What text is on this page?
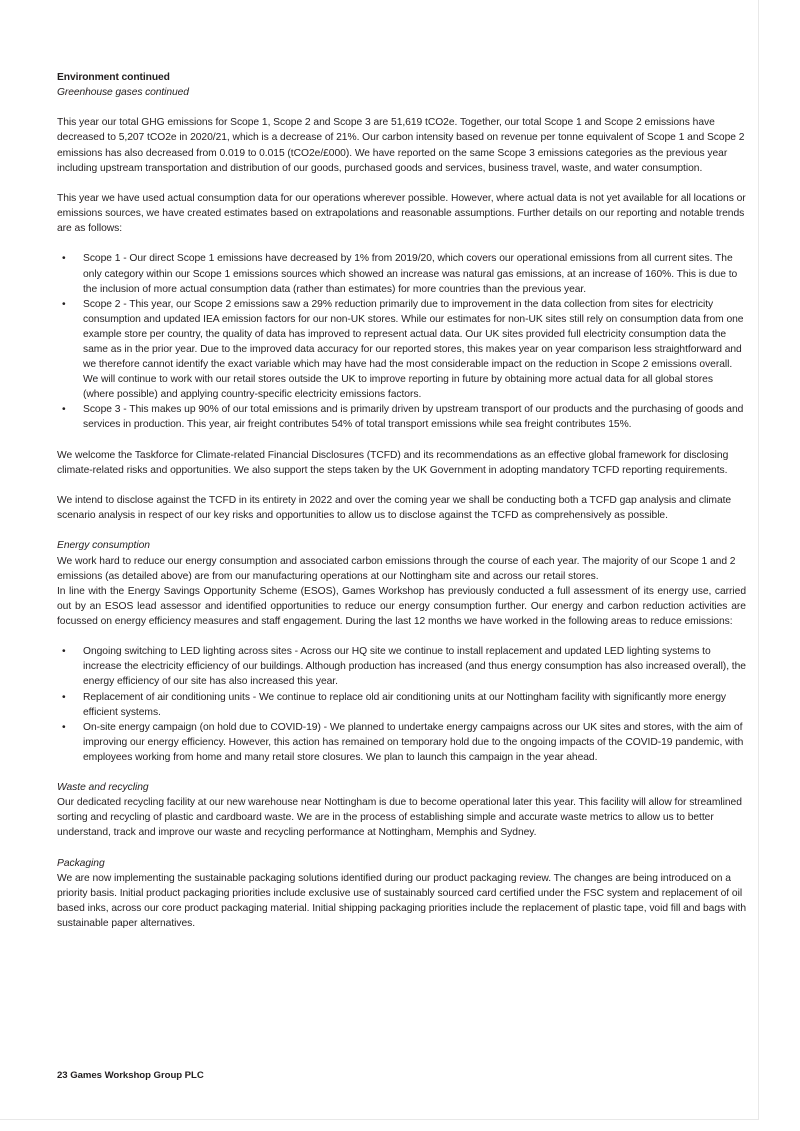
Environment continued
Greenhouse gases continued

This year our total GHG emissions for Scope 1, Scope 2 and Scope 3 are 51,619 tCO2e. Together, our total Scope 1 and Scope 2 emissions have decreased to 5,207 tCO2e in 2020/21, which is a decrease of 21%. Our carbon intensity based on revenue per tonne equivalent of Scope 1 and Scope 2 emissions has also decreased from 0.019 to 0.015 (tCO2e/£000). We have reported on the same Scope 3 emissions categories as the previous year including upstream transportation and distribution of our goods, purchased goods and services, business travel, waste, and water consumption.

This year we have used actual consumption data for our operations wherever possible. However, where actual data is not yet available for all locations or emissions sources, we have created estimates based on extrapolations and reasonable assumptions. Further details on our reporting and notable trends are as follows:

• Scope 1 - Our direct Scope 1 emissions have decreased by 1% from 2019/20, which covers our operational emissions from all current sites. The only category within our Scope 1 emissions sources which showed an increase was natural gas emissions, at an increase of 160%. This is due to the inclusion of more actual consumption data (rather than estimates) for more countries than the previous year.
• Scope 2 - This year, our Scope 2 emissions saw a 29% reduction primarily due to improvement in the data collection from sites for electricity consumption and updated IEA emission factors for our non-UK stores. While our estimates for non-UK sites still rely on consumption data from one example store per country, the quality of data has improved to represent actual data. Our UK sites provided full electricity consumption data the same as in the prior year. Due to the improved data accuracy for our reported stores, this makes year on year comparison less straightforward and we therefore cannot identify the exact variable which may have had the most considerable impact on the reduction in Scope 2 emissions overall. We will continue to work with our retail stores outside the UK to improve reporting in future by obtaining more actual data for all global stores (where possible) and applying country-specific electricity emissions factors.
• Scope 3 - This makes up 90% of our total emissions and is primarily driven by upstream transport of our products and the purchasing of goods and services in production. This year, air freight contributes 54% of total transport emissions while sea freight contributes 15%.

We welcome the Taskforce for Climate-related Financial Disclosures (TCFD) and its recommendations as an effective global framework for disclosing climate-related risks and opportunities. We also support the steps taken by the UK Government in adopting mandatory TCFD reporting requirements.

We intend to disclose against the TCFD in its entirety in 2022 and over the coming year we shall be conducting both a TCFD gap analysis and climate scenario analysis in respect of our key risks and opportunities to allow us to disclose against the TCFD as comprehensively as possible.

Energy consumption

We work hard to reduce our energy consumption and associated carbon emissions through the course of each year. The majority of our Scope 1 and 2 emissions (as detailed above) are from our manufacturing operations at our Nottingham site and across our retail stores.

In line with the Energy Savings Opportunity Scheme (ESOS), Games Workshop has previously conducted a full assessment of its energy use, carried out by an ESOS lead assessor and identified opportunities to reduce our energy consumption further. Our energy and carbon reduction activities are focussed on energy efficiency measures and staff engagement. During the last 12 months we have worked in the following areas to reduce emissions:

• Ongoing switching to LED lighting across sites - Across our HQ site we continue to install replacement and updated LED lighting systems to increase the electricity efficiency of our buildings. Although production has increased (and thus energy consumption has also increased overall), the energy efficiency of our site has also increased this year.
• Replacement of air conditioning units - We continue to replace old air conditioning units at our Nottingham facility with significantly more energy efficient systems.
• On-site energy campaign (on hold due to COVID-19) - We planned to undertake energy campaigns across our UK sites and stores, with the aim of improving our energy efficiency. However, this action has remained on temporary hold due to the ongoing impacts of the COVID-19 pandemic, with employees working from home and many retail store closures. We plan to launch this campaign in the year ahead.

Waste and recycling

Our dedicated recycling facility at our new warehouse near Nottingham is due to become operational later this year. This facility will allow for streamlined sorting and recycling of plastic and cardboard waste. We are in the process of establishing simple and accurate waste metrics to allow us to better understand, track and improve our waste and recycling performance at Nottingham, Memphis and Sydney.

Packaging

We are now implementing the sustainable packaging solutions identified during our product packaging review. The changes are being introduced on a priority basis. Initial product packaging priorities include exclusive use of sustainably sourced card certified under the FSC system and replacement of oil based inks, across our core product packaging material. Initial shipping packaging priorities include the replacement of plastic tape, void fill and bags with sustainable paper alternatives.

23 Games Workshop Group PLC
